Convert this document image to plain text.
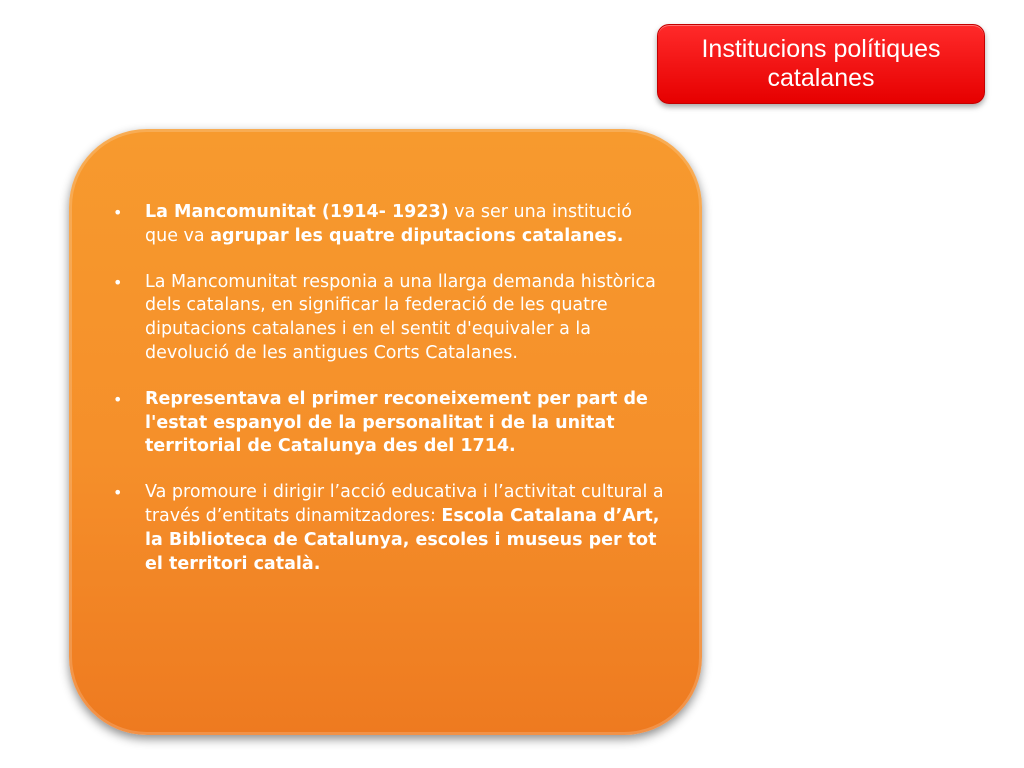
Institucions polítiques catalanes
• La Mancomunitat (1914- 1923) va ser una institució que va agrupar les quatre diputacions catalanes.
• La Mancomunitat responia a una llarga demanda històrica dels catalans, en significar la federació de les quatre diputacions catalanes i en el sentit d'equivaler a la devolució de les antigues Corts Catalanes.
• Representava el primer reconeixement per part de l'estat espanyol de la personalitat i de la unitat territorial de Catalunya des del 1714.
• Va promoure i dirigir l’acció educativa i l’activitat cultural a través d’entitats dinamitzadores: Escola Catalana d’Art, la Biblioteca de Catalunya, escoles i museus per tot el territori català.
